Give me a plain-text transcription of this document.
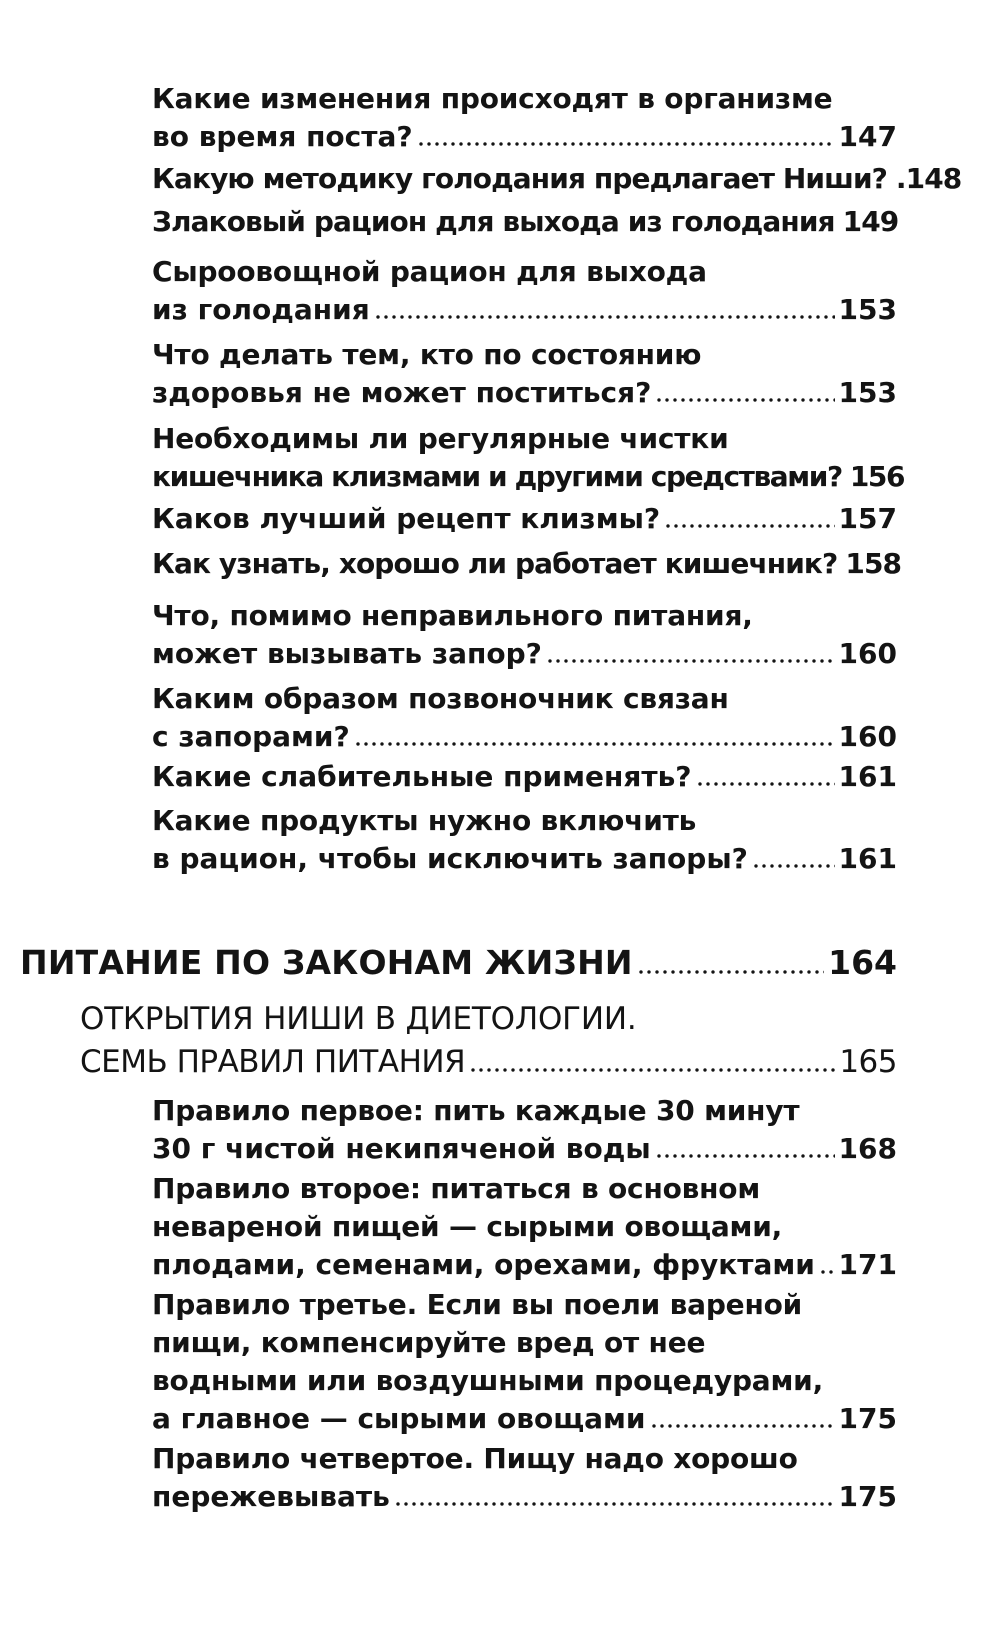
Какие изменения происходят в организме
во время поста?	147
Какую методику голодания предлагает Ниши? . 148
Злаковый рацион для выхода из голодания 149
Сыроовощной рацион для выхода
из голодания	153
Что делать тем, кто по состоянию
здоровья не может поститься?	153
Необходимы ли регулярные чистки
кишечника клизмами и другими средствами? 156
Каков лучший рецепт клизмы?	157
Как узнать, хорошо ли работает кишечник? 158
Что, помимо неправильного питания,
может вызывать запор?	160
Каким образом позвоночник связан
с запорами?	160
Какие слабительные применять?	161
Какие продукты нужно включить
в рацион, чтобы исключить запоры?	161
ПИТАНИЕ ПО ЗАКОНАМ ЖИЗНИ	164
ОТКРЫТИЯ НИШИ В ДИЕТОЛОГИИ.
СЕМЬ ПРАВИЛ ПИТАНИЯ	165
Правило первое: пить каждые 30 минут
30 г чистой некипяченой воды	168
Правило второе: питаться в основном
невареной пищей — сырыми овощами,
плодами, семенами, орехами, фруктами 171
Правило третье. Если вы поели вареной
пищи, компенсируйте вред от нее
водными или воздушными процедурами,
а главное — сырыми овощами	175
Правило четвертое. Пищу надо хорошо
пережевывать	175
